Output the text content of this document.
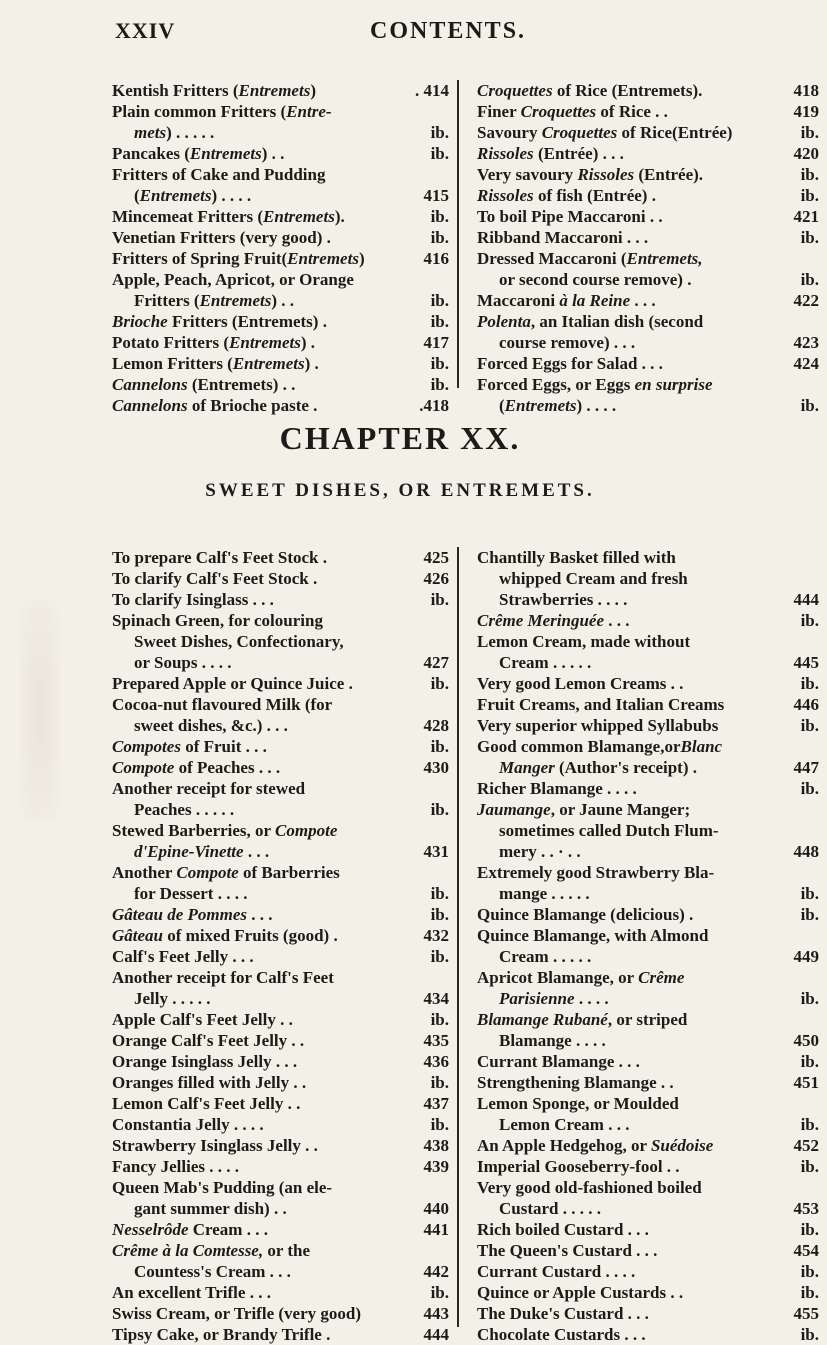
XXIV	CONTENTS.
Kentish Fritters (Entremets)	. 414
Plain common Fritters (Entre-
mets) . . . . .	ib.
Pancakes (Entremets) . .	ib.
Fritters of Cake and Pudding
(Entremets) . . . .	415
Mincemeat Fritters (Entremets).	ib.
Venetian Fritters (very good) .	ib.
Fritters of Spring Fruit(Entremets)	416
Apple, Peach, Apricot, or Orange
Fritters (Entremets) . .	ib.
Brioche Fritters (Entremets) .	ib.
Potato Fritters (Entremets) .	417
Lemon Fritters (Entremets) .	ib.
Cannelons (Entremets) . .	ib.
Cannelons of Brioche paste .	.418
Croquettes of Rice (Entremets).	418
Finer Croquettes of Rice . .	419
Savoury Croquettes of Rice(Entrée)	ib.
Rissoles (Entrée) . . .	420
Very savoury Rissoles (Entrée).	ib.
Rissoles of fish (Entrée) .	ib.
To boil Pipe Maccaroni . .	421
Ribband Maccaroni . . .	ib.
Dressed Maccaroni (Entremets,
or second course remove) .	ib.
Maccaroni à la Reine . . .	422
Polenta, an Italian dish (second
course remove) . . .	423
Forced Eggs for Salad . . .	424
Forced Eggs, or Eggs en surprise
(Entremets) . . . .	ib.
CHAPTER XX.
SWEET DISHES, OR ENTREMETS.
To prepare Calf's Feet Stock .	425
To clarify Calf's Feet Stock .	426
To clarify Isinglass . . .	ib.
Spinach Green, for colouring
Sweet Dishes, Confectionary,
or Soups . . . .	427
Prepared Apple or Quince Juice .	ib.
Cocoa-nut flavoured Milk (for
sweet dishes, &c.) . . .	428
Compotes of Fruit . . .	ib.
Compote of Peaches . . .	430
Another receipt for stewed
Peaches . . . . .	ib.
Stewed Barberries, or Compote
d'Epine-Vinette . . .	431
Another Compote of Barberries
for Dessert . . . .	ib.
Gâteau de Pommes . . .	ib.
Gâteau of mixed Fruits (good) .	432
Calf's Feet Jelly . . .	ib.
Another receipt for Calf's Feet
Jelly . . . . .	434
Apple Calf's Feet Jelly . .	ib.
Orange Calf's Feet Jelly . .	435
Orange Isinglass Jelly . . .	436
Oranges filled with Jelly . .	ib.
Lemon Calf's Feet Jelly . .	437
Constantia Jelly . . . .	ib.
Strawberry Isinglass Jelly . .	438
Fancy Jellies . . . .	439
Queen Mab's Pudding (an ele-
gant summer dish) . .	440
Nesselrôde Cream . . .	441
Crême à la Comtesse, or the
Countess's Cream . . .	442
An excellent Trifle . . .	ib.
Swiss Cream, or Trifle (very good)	443
Tipsy Cake, or Brandy Trifle .	444
Chantilly Basket filled with
whipped Cream and fresh
Strawberries . . . .	444
Crême Meringuée . . .	ib.
Lemon Cream, made without
Cream . . . . .	445
Very good Lemon Creams . .	ib.
Fruit Creams, and Italian Creams	446
Very superior whipped Syllabubs	ib.
Good common Blamange,orBlanc
Manger (Author's receipt) .	447
Richer Blamange . . . .	ib.
Jaumange, or Jaune Manger;
sometimes called Dutch Flum-
mery . . · . .	448
Extremely good Strawberry Bla-
mange . . . . .	ib.
Quince Blamange (delicious) .	ib.
Quince Blamange, with Almond
Cream . . . . .	449
Apricot Blamange, or Crême
Parisienne . . . .	ib.
Blamange Rubané, or striped
Blamange . . . .	450
Currant Blamange . . .	ib.
Strengthening Blamange . .	451
Lemon Sponge, or Moulded
Lemon Cream . . .	ib.
An Apple Hedgehog, or Suédoise	452
Imperial Gooseberry-fool . .	ib.
Very good old-fashioned boiled
Custard . . . . .	453
Rich boiled Custard . . .	ib.
The Queen's Custard . . .	454
Currant Custard . . . .	ib.
Quince or Apple Custards . .	ib.
The Duke's Custard . . .	455
Chocolate Custards . . .	ib.
